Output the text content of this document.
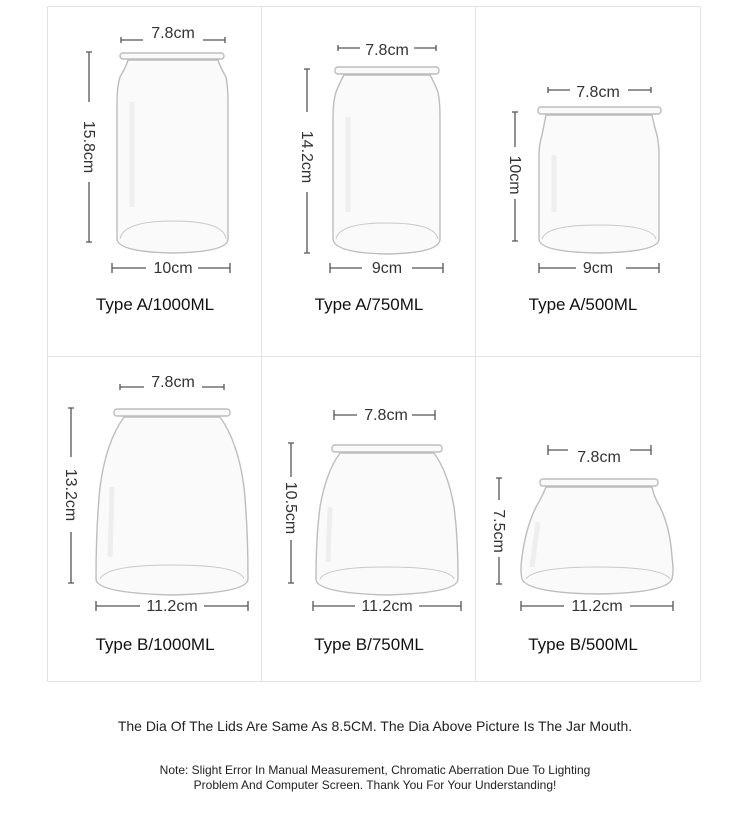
7.8cm
10cm
15.8cm
Type A/1000ML
7.8cm
9cm
14.2cm
Type A/750ML
7.8cm
9cm
10cm
Type A/500ML
7.8cm
11.2cm
13.2cm
Type B/1000ML
7.8cm
11.2cm
10.5cm
Type B/750ML
7.8cm
11.2cm
7.5cm
Type B/500ML
The Dia Of The Lids Are Same As 8.5CM. The Dia Above Picture Is The Jar Mouth.
Note: Slight Error In Manual Measurement, Chromatic Aberration Due To Lighting
Problem And Computer Screen. Thank You For Your Understanding!
